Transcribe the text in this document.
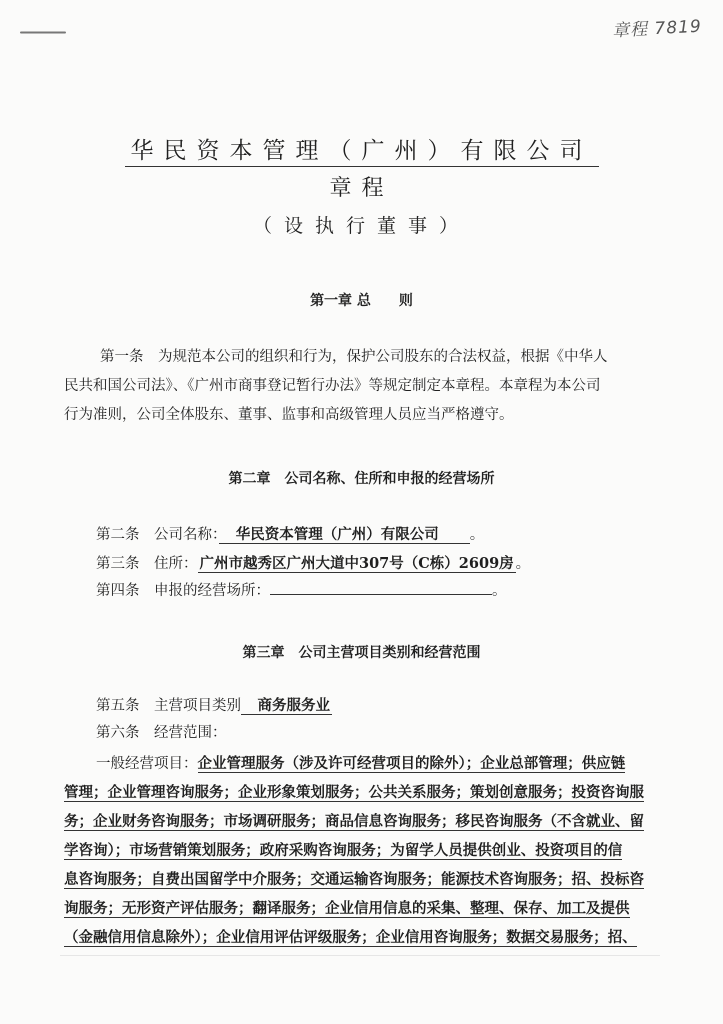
章程 7819
华民资本管理（广州）有限公司
章程
（设执行董事）
第一章 总　　则
第一条　为规范本公司的组织和行为，保护公司股东的合法权益，根据《中华人
民共和国公司法》、《广州市商事登记暂行办法》等规定制定本章程。本章程为本公司
行为准则，公司全体股东、董事、监事和高级管理人员应当严格遵守。
第二章　公司名称、住所和申报的经营场所
第二条　公司名称：　华民资本管理（广州）有限公司　　。
第三条　住所： 广州市越秀区广州大道中307号（C栋）2609房 。
第四条　申报的经营场所：	。
第三章　公司主营项目类别和经营范围
第五条　主营项目类别　商务服务业
第六条　经营范围：
一般经营项目：企业管理服务（涉及许可经营项目的除外）；企业总部管理；供应链
管理；企业管理咨询服务；企业形象策划服务；公共关系服务；策划创意服务；投资咨询服
务；企业财务咨询服务；市场调研服务；商品信息咨询服务；移民咨询服务（不含就业、留
学咨询）；市场营销策划服务；政府采购咨询服务；为留学人员提供创业、投资项目的信
息咨询服务；自费出国留学中介服务；交通运输咨询服务；能源技术咨询服务；招、投标咨
询服务；无形资产评估服务；翻译服务；企业信用信息的采集、整理、保存、加工及提供
（金融信用信息除外）；企业信用评估评级服务；企业信用咨询服务；数据交易服务；招、
